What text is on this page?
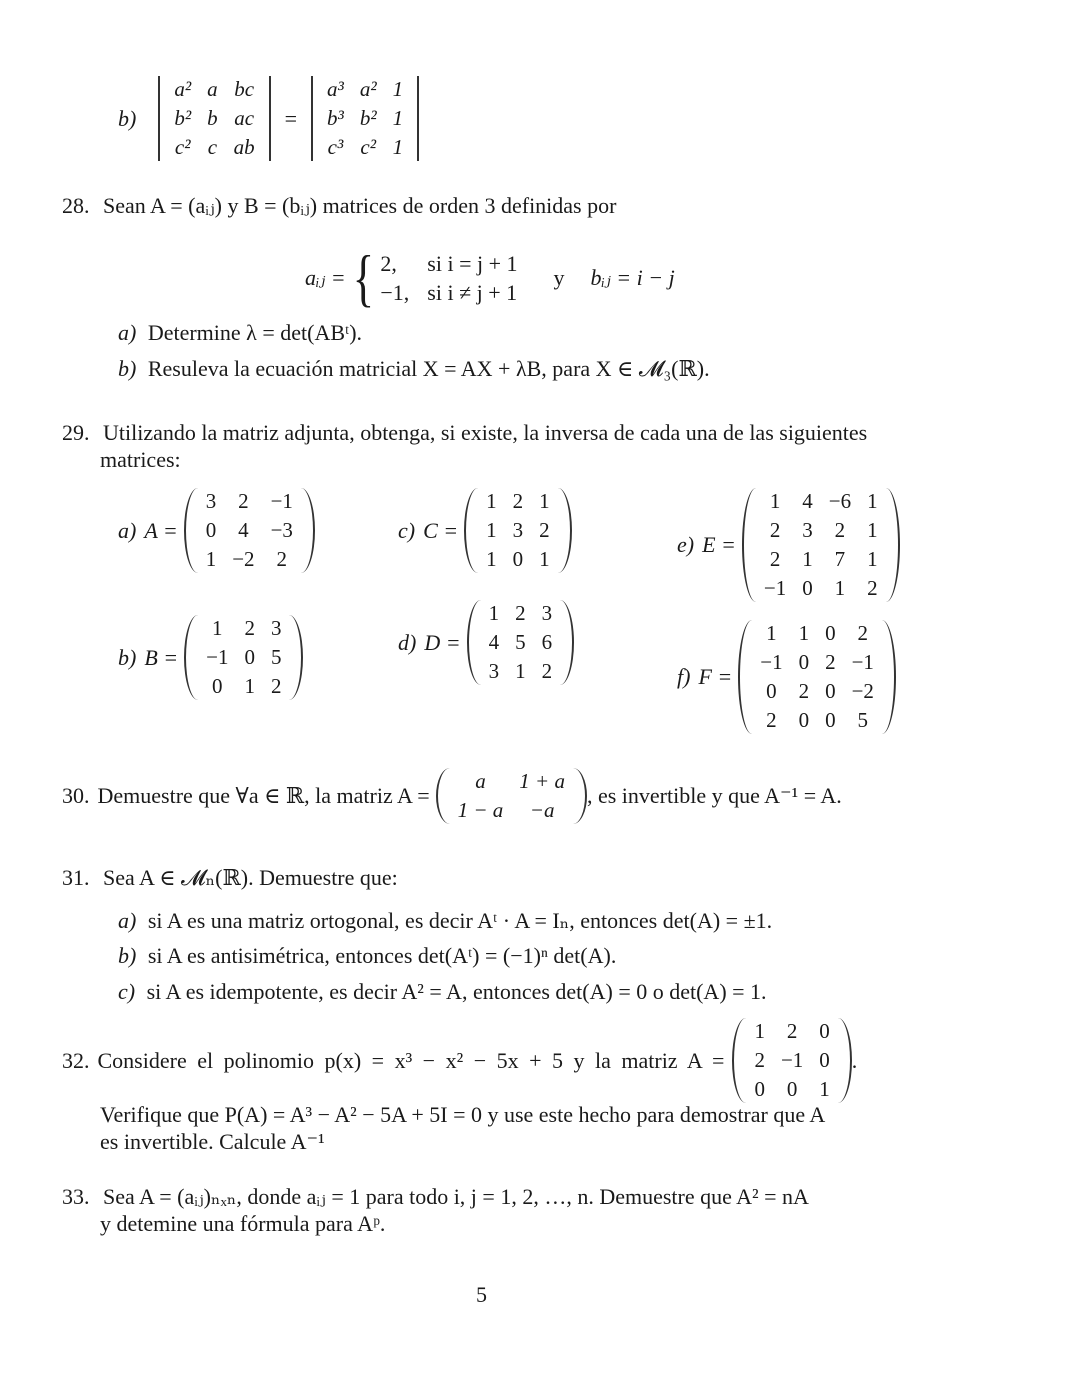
b)
a² a bc
b² b ac
c² c ab
=
a³ a² 1
b³ b² 1
c³ c² 1
28. Sean A = (aᵢⱼ) y B = (bᵢⱼ) matrices de orden 3 definidas por
aᵢⱼ = { 2,	si i = j + 1
−1, si i ≠ j + 1
y bᵢⱼ = i − j
a) Determine λ = det(ABᵗ).
b) Resuleva la ecuación matricial X = AX + λB, para X ∈ 𝓜₃(ℝ).
29. Utilizando la matriz adjunta, obtenga, si existe, la inversa de cada una de las siguientes
matrices:
a) A =
3 2 −1
0 4 −3
1 −2 2
c) C =
1 2 1
1 3 2
1 0 1
e) E =
1 4 −6 1
2 3 2 1
2 1 7 1
−1 0 1 2
b) B =
1 2 3
−1 0 5
0 1 2
d) D =
1 2 3
4 5 6
3 1 2	f) F =
1 1 0 2
−1 0 2 −1
0 2 0 −2
2 0 0 5
30. Demuestre que ∀a ∈ ℝ, la matriz A =
a	1 + a
1 − a	−a
, es invertible y que A⁻¹ = A.
31. Sea A ∈ 𝓜ₙ(ℝ). Demuestre que:
a) si A es una matriz ortogonal, es decir Aᵗ · A = Iₙ, entonces det(A) = ±1.
b) si A es antisimétrica, entonces det(Aᵗ) = (−1)ⁿ det(A).
c) si A es idempotente, es decir A² = A, entonces det(A) = 0 o det(A) = 1.
32. Considere el polinomio p(x) = x³ − x² − 5x + 5 y la matriz A =
1 2 0
2 −1 0
0 0 1
.
Verifique que P(A) = A³ − A² − 5A + 5I = 0 y use este hecho para demostrar que A
es invertible. Calcule A⁻¹
33. Sea A = (aᵢⱼ)ₙₓₙ, donde aᵢⱼ = 1 para todo i, j = 1, 2, …, n. Demuestre que A² = nA
y detemine una fórmula para Aᵖ.
5
